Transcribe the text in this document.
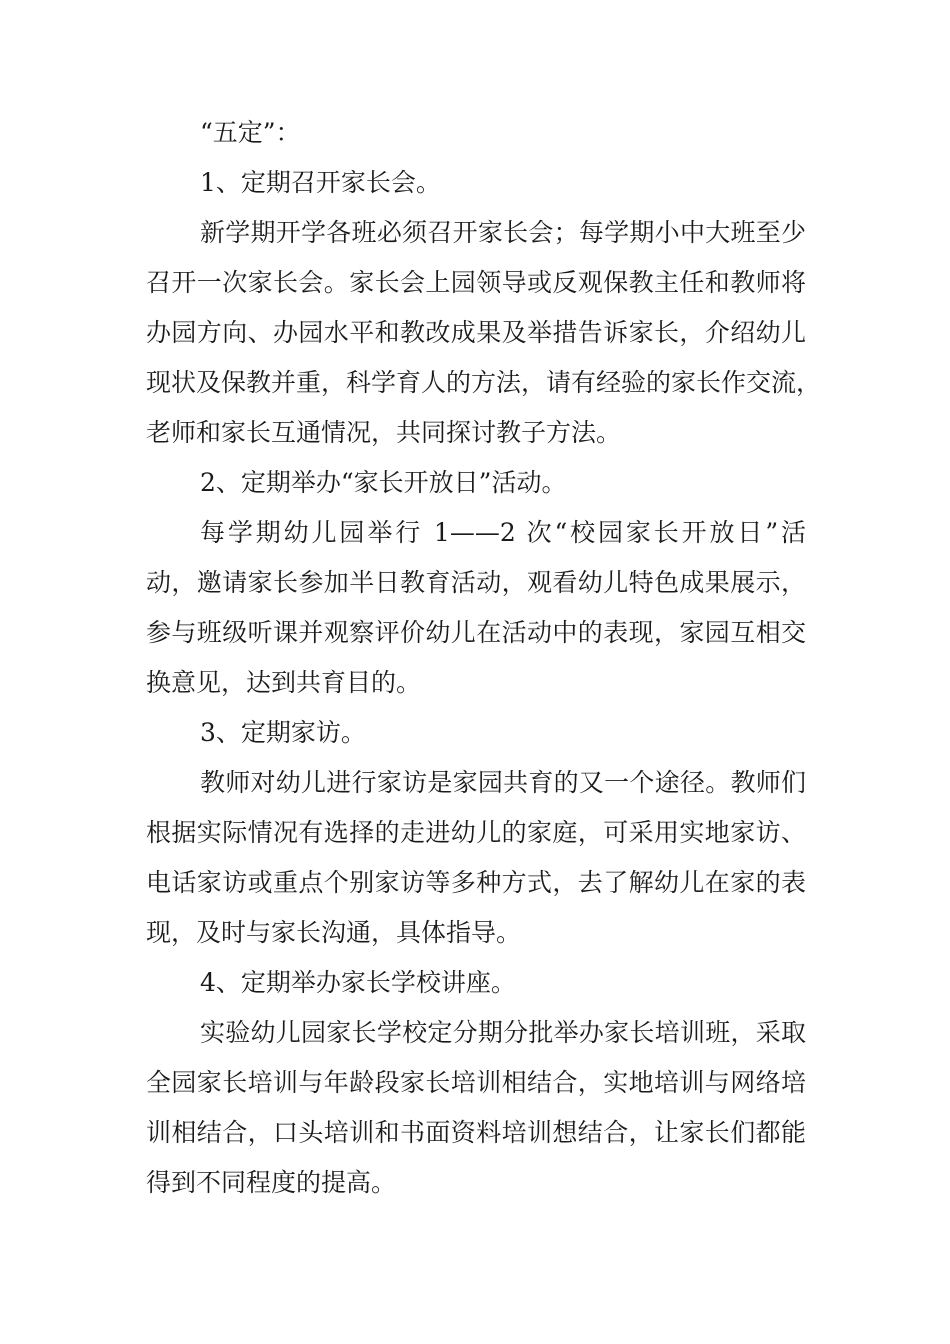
“五定”：
1、定期召开家长会。
新学期开学各班必须召开家长会；每学期小中大班至少
召开一次家长会。家长会上园领导或反观保教主任和教师将
办园方向、办园水平和教改成果及举措告诉家长，介绍幼儿
现状及保教并重，科学育人的方法，请有经验的家长作交流，
老师和家长互通情况，共同探讨教子方法。
2、定期举办“家长开放日”活动。
每学期幼儿园举行 1——2 次“校园家长开放日”活
动，邀请家长参加半日教育活动，观看幼儿特色成果展示，
参与班级听课并观察评价幼儿在活动中的表现，家园互相交
换意见，达到共育目的。
3、定期家访。
教师对幼儿进行家访是家园共育的又一个途径。教师们
根据实际情况有选择的走进幼儿的家庭，可采用实地家访、
电话家访或重点个别家访等多种方式，去了解幼儿在家的表
现，及时与家长沟通，具体指导。
4、定期举办家长学校讲座。
实验幼儿园家长学校定分期分批举办家长培训班，采取
全园家长培训与年龄段家长培训相结合，实地培训与网络培
训相结合，口头培训和书面资料培训想结合，让家长们都能
得到不同程度的提高。
